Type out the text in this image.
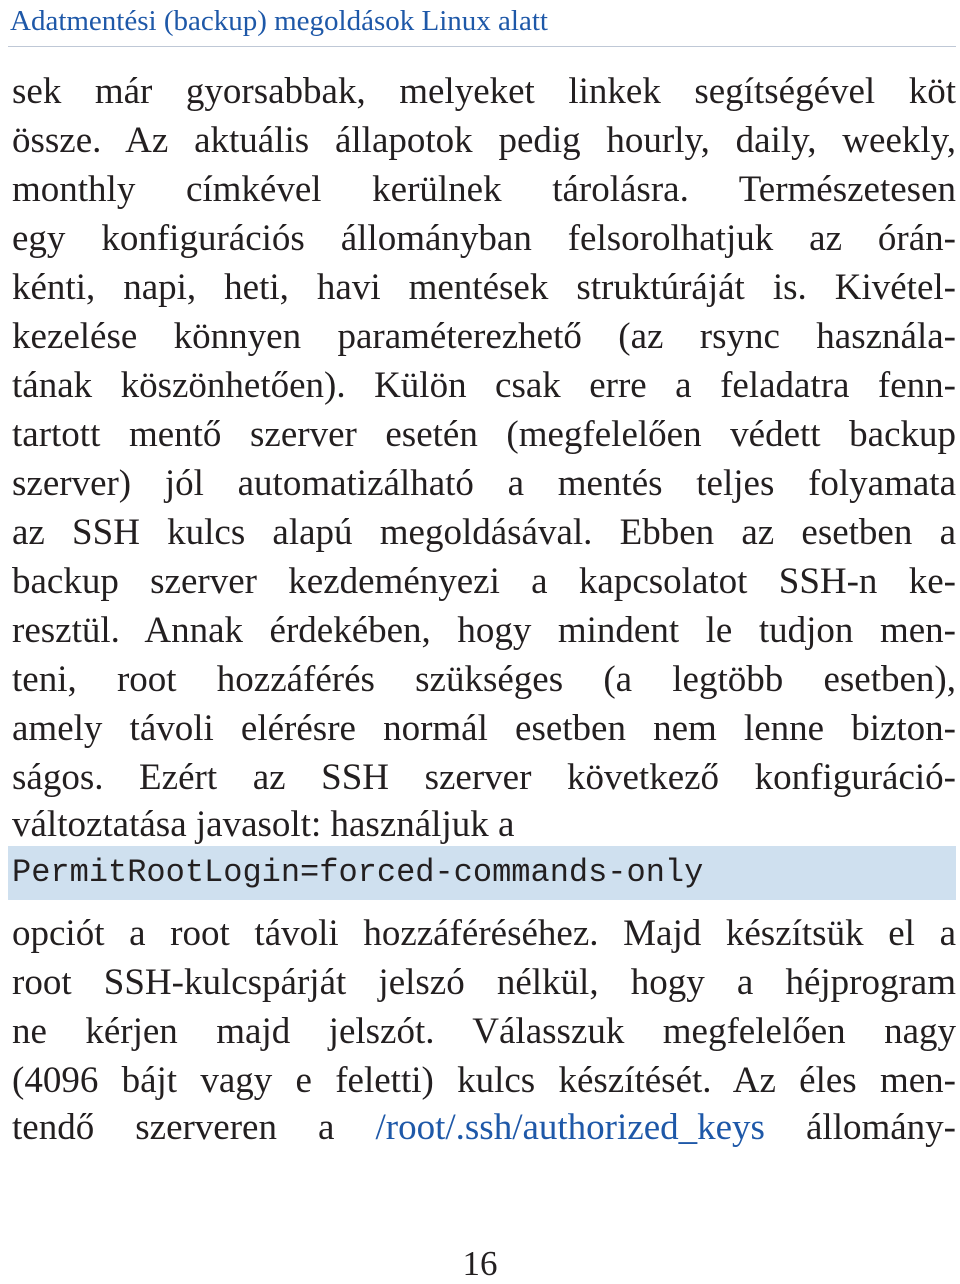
Adatmentési (backup) megoldások Linux alatt
sek már gyorsabbak, melyeket linkek segítségével köt
össze. Az aktuális állapotok pedig hourly, daily, weekly,
monthly címkével kerülnek tárolásra. Természetesen
egy konfigurációs állományban felsorolhatjuk az órán-
kénti, napi, heti, havi mentések struktúráját is. Kivétel-
kezelése könnyen paraméterezhető (az rsync használa-
tának köszönhetően). Külön csak erre a feladatra fenn-
tartott mentő szerver esetén (megfelelően védett backup
szerver) jól automatizálható a mentés teljes folyamata
az SSH kulcs alapú megoldásával. Ebben az esetben a
backup szerver kezdeményezi a kapcsolatot SSH-n ke-
resztül. Annak érdekében, hogy mindent le tudjon men-
teni, root hozzáférés szükséges (a legtöbb esetben),
amely távoli elérésre normál esetben nem lenne bizton-
ságos. Ezért az SSH szerver következő konfiguráció-
változtatása javasolt: használjuk a
PermitRootLogin=forced-commands-only
opciót a root távoli hozzáféréséhez. Majd készítsük el a
root SSH-kulcspárját jelszó nélkül, hogy a héjprogram
ne kérjen majd jelszót. Válasszuk megfelelően nagy
(4096 bájt vagy e feletti) kulcs készítését. Az éles men-
tendő szerveren a /root/.ssh/authorized_keys állomány-
16
